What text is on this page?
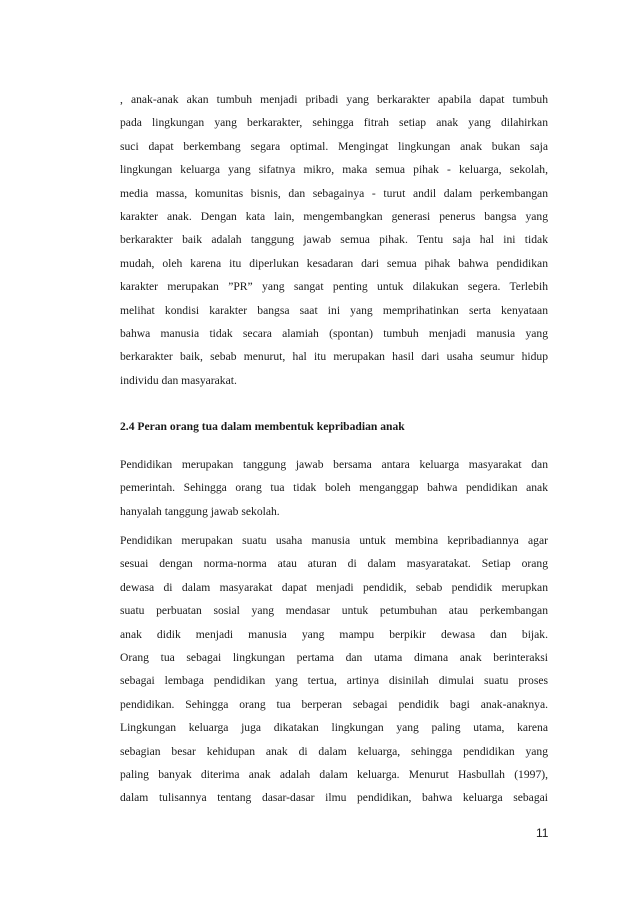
, anak-anak akan tumbuh menjadi pribadi yang berkarakter apabila dapat tumbuh
pada lingkungan yang berkarakter, sehingga fitrah setiap anak yang dilahirkan
suci dapat berkembang segara optimal. Mengingat lingkungan anak bukan saja
lingkungan keluarga yang sifatnya mikro, maka semua pihak - keluarga, sekolah,
media massa, komunitas bisnis, dan sebagainya - turut andil dalam perkembangan
karakter anak. Dengan kata lain, mengembangkan generasi penerus bangsa yang
berkarakter baik adalah tanggung jawab semua pihak. Tentu saja hal ini tidak
mudah, oleh karena itu diperlukan kesadaran dari semua pihak bahwa pendidikan
karakter merupakan ”PR” yang sangat penting untuk dilakukan segera. Terlebih
melihat kondisi karakter bangsa saat ini yang memprihatinkan serta kenyataan
bahwa manusia tidak secara alamiah (spontan) tumbuh menjadi manusia yang
berkarakter baik, sebab menurut, hal itu merupakan hasil dari usaha seumur hidup
individu dan masyarakat.
2.4 Peran orang tua dalam membentuk kepribadian anak
Pendidikan merupakan tanggung jawab bersama antara keluarga masyarakat dan
pemerintah. Sehingga orang tua tidak boleh menganggap bahwa pendidikan anak
hanyalah tanggung jawab sekolah.
Pendidikan merupakan suatu usaha manusia untuk membina kepribadiannya agar
sesuai dengan norma-norma atau aturan di dalam masyaratakat. Setiap orang
dewasa di dalam masyarakat dapat menjadi pendidik, sebab pendidik merupkan
suatu perbuatan sosial yang mendasar untuk petumbuhan atau perkembangan
anak didik menjadi manusia yang mampu berpikir dewasa dan bijak.
Orang tua sebagai lingkungan pertama dan utama dimana anak berinteraksi
sebagai lembaga pendidikan yang tertua, artinya disinilah dimulai suatu proses
pendidikan. Sehingga orang tua berperan sebagai pendidik bagi anak-anaknya.
Lingkungan keluarga juga dikatakan lingkungan yang paling utama, karena
sebagian besar kehidupan anak di dalam keluarga, sehingga pendidikan yang
paling banyak diterima anak adalah dalam keluarga. Menurut Hasbullah (1997),
dalam tulisannya tentang dasar-dasar ilmu pendidikan, bahwa keluarga sebagai
11
